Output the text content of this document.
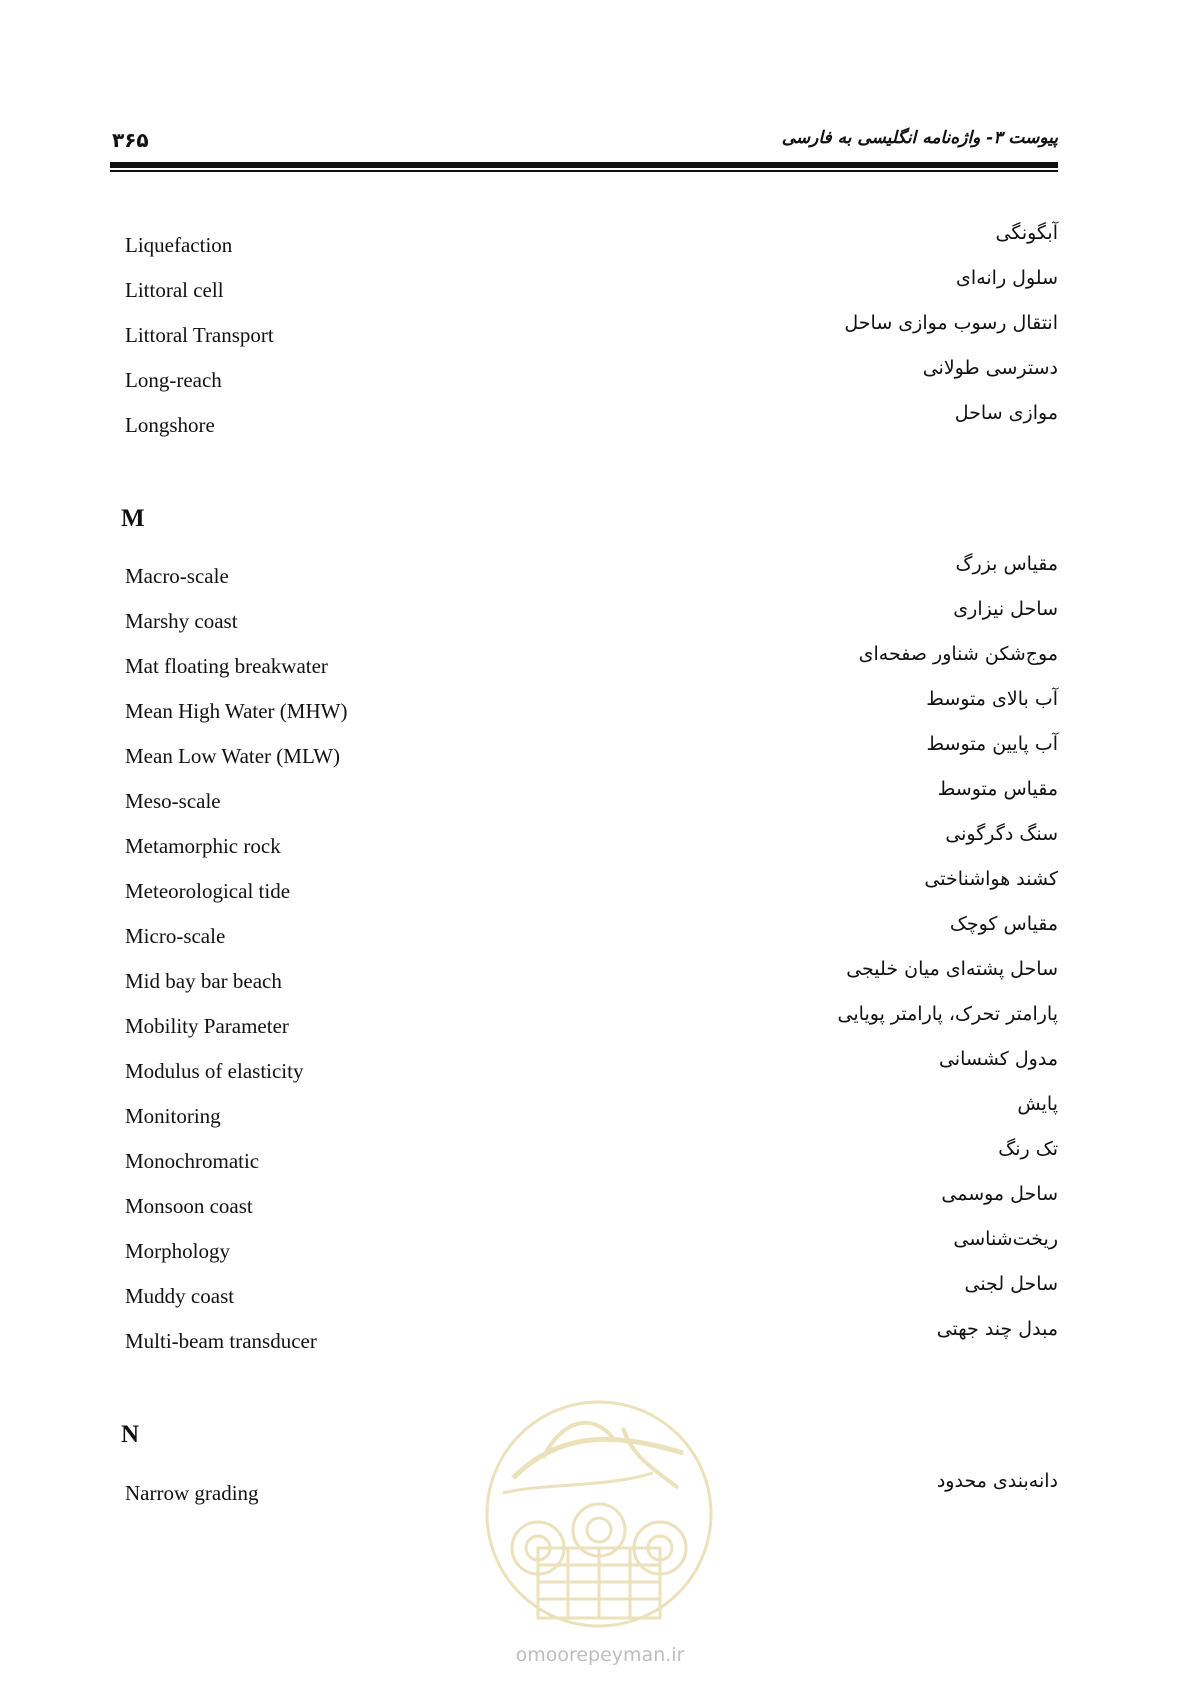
۳۶۵	پیوست ۳- واژه‌نامه انگلیسی به فارسی
Liquefaction	آبگونگی
Littoral cell	سلول رانه‌ای
Littoral Transport	انتقال رسوب موازی ساحل
Long-reach	دسترسی طولانی
Longshore	موازی ساحل
M
Macro-scale	مقیاس بزرگ
Marshy coast	ساحل نیزاری
Mat floating breakwater	موج‌شکن شناور صفحه‌ای
Mean High Water (MHW)	آب بالای متوسط
Mean Low Water (MLW)	آب پایین متوسط
Meso-scale	مقیاس متوسط
Metamorphic rock	سنگ دگرگونی
Meteorological tide	کشند هواشناختی
Micro-scale	مقیاس کوچک
Mid bay bar beach	ساحل پشته‌ای میان خلیجی
Mobility Parameter	پارامتر تحرک، پارامتر پویایی
Modulus of elasticity	مدول کشسانی
Monitoring	پایش
Monochromatic	تک رنگ
Monsoon coast	ساحل موسمی
Morphology	ریخت‌شناسی
Muddy coast	ساحل لجنی
Multi-beam transducer	مبدل چند جهتی
N
Narrow grading	دانه‌بندی محدود
omoorepeyman.ir
